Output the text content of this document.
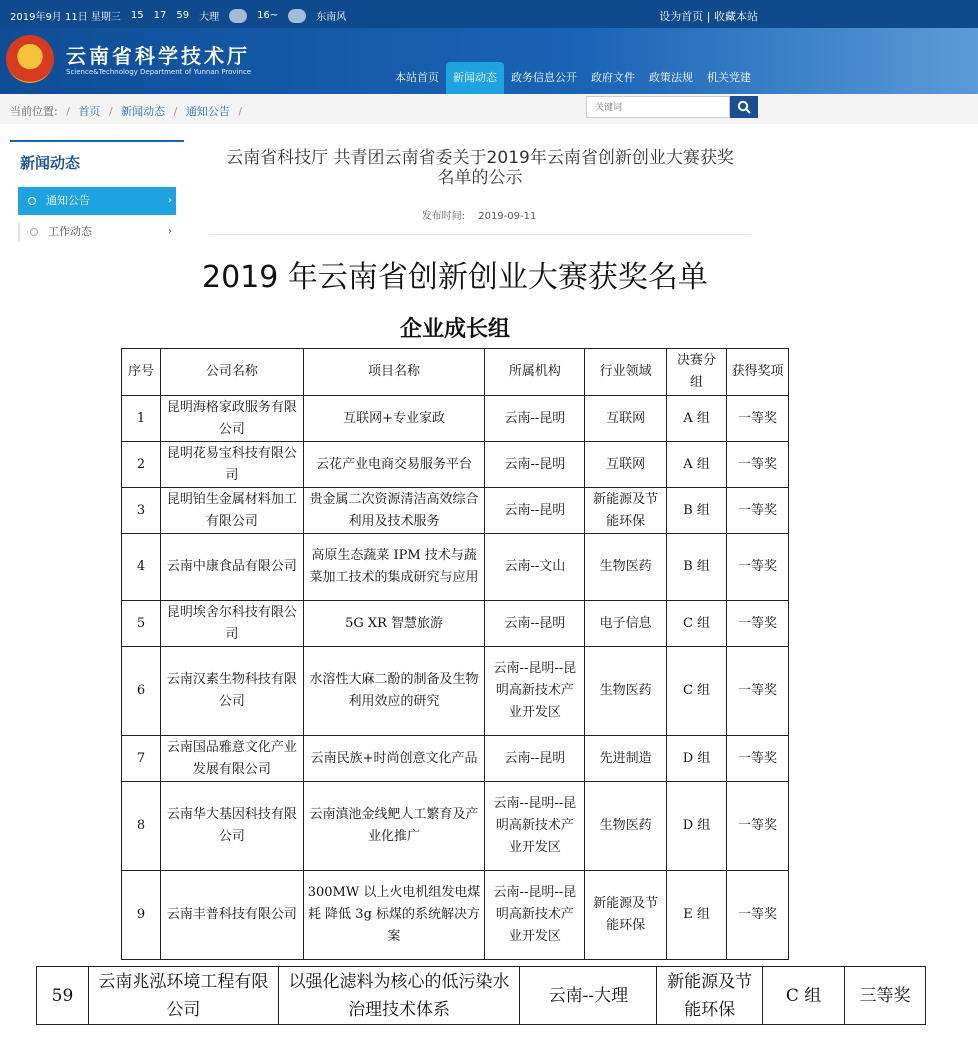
2019年9月 11日 星期三 15 17 59 大理	16~	东南风	设为首页 | 收藏本站
云南省科学技术厅
Science&Technology Department of Yunnan Province	本站首页	新闻动态	政务信息公开	政府文件	政策法规	机关党建
当前位置: / 首页 / 新闻动态 / 通知公告 /
关键词
新闻动态
通知公告	›
工作动态	›
云南省科技厅 共青团云南省委关于2019年云南省创新创业大赛获奖名单的公示
发布时间: 2019-09-11
2019 年云南省创新创业大赛获奖名单
企业成长组
序号	公司名称	项目名称	所属机构	行业领域	决赛分组	获得奖项
1	昆明海格家政服务有限公司	互联网+专业家政	云南--昆明	互联网	A 组	一等奖
2	昆明花易宝科技有限公司	云花产业电商交易服务平台	云南--昆明	互联网	A 组	一等奖
3	昆明铂生金属材料加工有限公司	贵金属二次资源清洁高效综合利用及技术服务	云南--昆明	新能源及节能环保	B 组	一等奖
4	云南中康食品有限公司	高原生态蔬菜 IPM 技术与蔬菜加工技术的集成研究与应用	云南--文山	生物医药	B 组	一等奖
5	昆明埃舍尔科技有限公司	5G XR 智慧旅游	云南--昆明	电子信息	C 组	一等奖
6	云南汉素生物科技有限公司	水溶性大麻二酚的制备及生物利用效应的研究	云南--昆明--昆明高新技术产业开发区	生物医药	C 组	一等奖
7	云南国品雅意文化产业发展有限公司	云南民族+时尚创意文化产品	云南--昆明	先进制造	D 组	一等奖
8	云南华大基因科技有限公司	云南滇池金线鲃人工繁育及产业化推广	云南--昆明--昆明高新技术产业开发区	生物医药	D 组	一等奖
9	云南丰普科技有限公司	300MW 以上火电机组发电煤耗 降低 3g 标煤的系统解决方案	云南--昆明--昆明高新技术产业开发区	新能源及节能环保	E 组	一等奖
59	云南兆泓环境工程有限公司	以强化滤料为核心的低污染水治理技术体系	云南--大理	新能源及节能环保	C 组	三等奖
